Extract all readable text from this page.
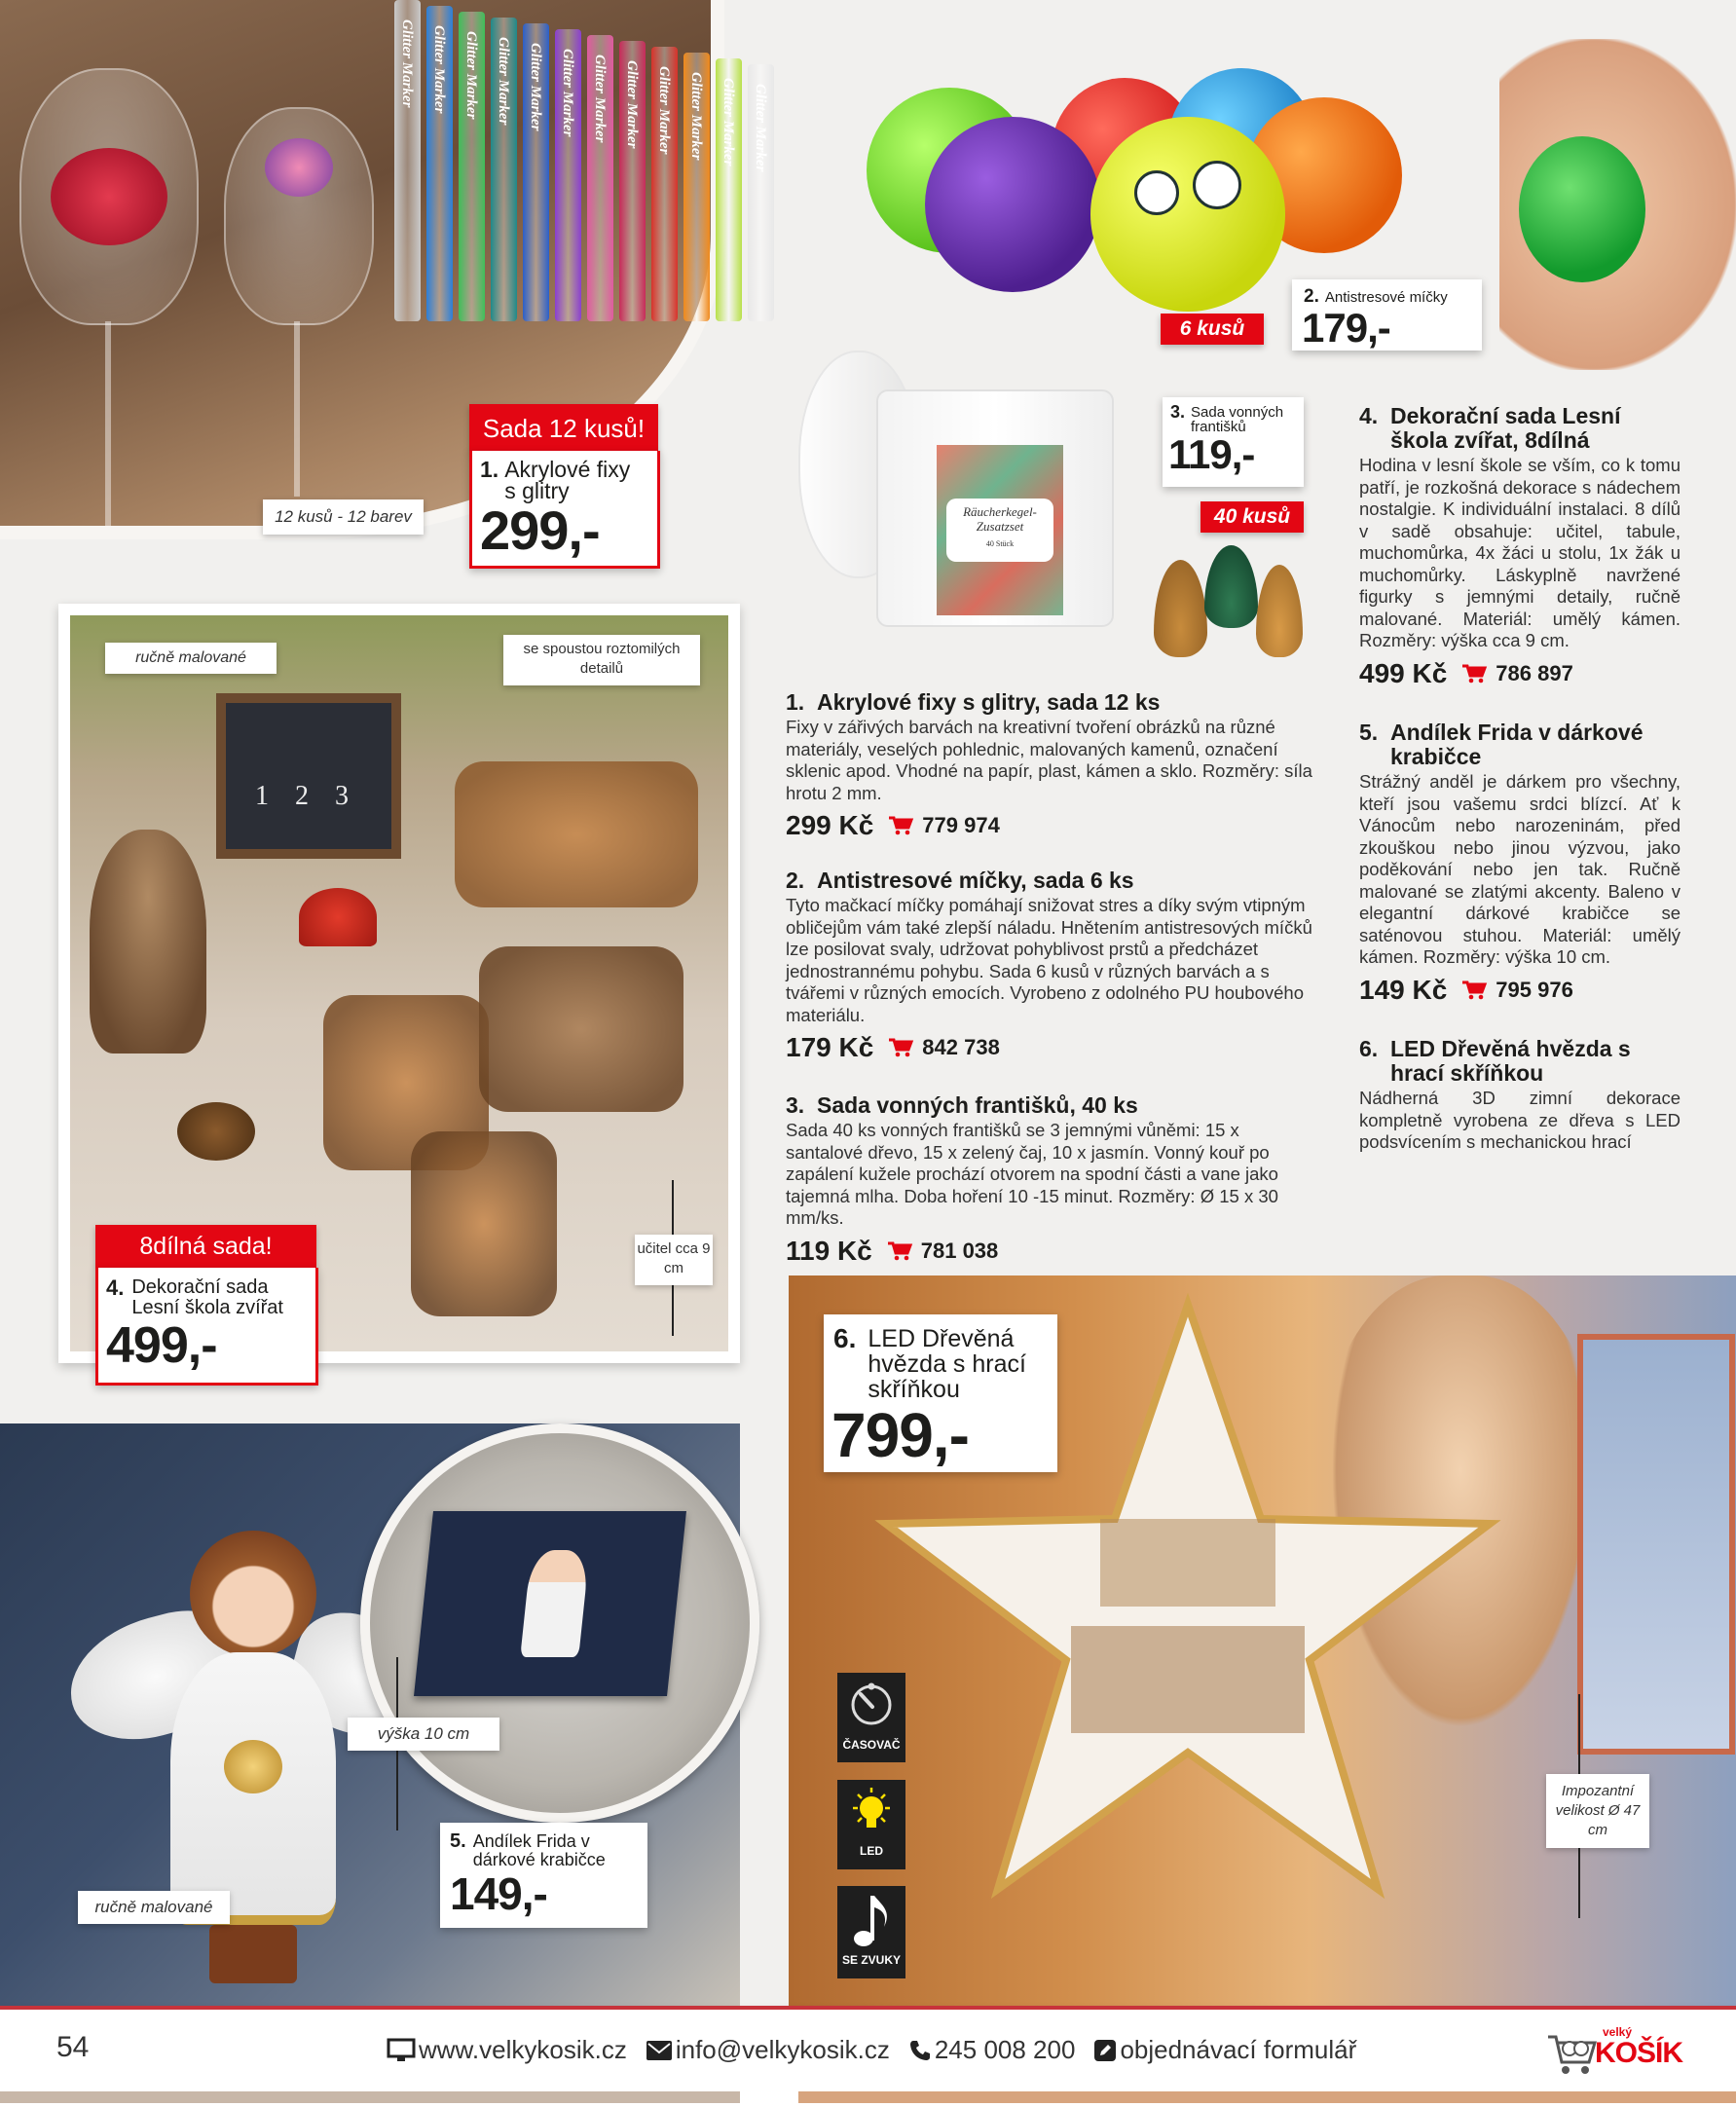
Glitter Marker Glitter Marker Glitter Marker Glitter Marker Glitter Marker Glitter Marker Glitter Marker Glitter Marker Glitter Marker Glitter Marker Glitter Marker Glitter Marker
12 kusů - 12 barev
Sada 12 kusů!
1. Akrylové fixy s glitry
299,-
6 kusů
2. Antistresové míčky
179,-
Räucherkegel-Zusatzset
40 Stück
3. Sada vonných františků
119,-
40 kusů
1 2 3
ručně malované
se spoustou roztomilých detailů
učitel cca 9 cm
8dílná sada!
4. Dekorační sada Lesní škola zvířat
499,-
výška 10 cm
ručně malované
5. Andílek Frida v dárkové krabičce
149,-
6. LED Dřevěná hvězda s hrací skříňkou
799,-
ČASOVAČ
LED
SE ZVUKY
Impozantní velikost Ø 47 cm
1. Akrylové fixy s glitry, sada 12 ks

Fixy v zářivých barvách na kreativní tvoření obrázků na různé materiály, veselých pohlednic, malovaných kamenů, označení sklenic apod. Vhodné na papír, plast, kámen a sklo. Rozměry: síla hrotu 2 mm.

299 Kč 779 974
2. Antistresové míčky, sada 6 ks

Tyto mačkací míčky pomáhají snižovat stres a díky svým vtipným obličejům vám také zlepší náladu. Hnětením antistresových míčků lze posilovat svaly, udržovat pohyblivost prstů a předcházet jednostrannému pohybu. Sada 6 kusů v různých barvách a s tvářemi v různých emocích. Vyrobeno z odolného PU houbového materiálu.

179 Kč 842 738
3. Sada vonných františků, 40 ks

Sada 40 ks vonných františků se 3 jemnými vůněmi: 15 x santalové dřevo, 15 x zelený čaj, 10 x jasmín. Vonný kouř po zapálení kužele prochází otvorem na spodní části a vane jako tajemná mlha. Doba hoření 10 -15 minut. Rozměry: Ø 15 x 30 mm/ks.

119 Kč 781 038
4. Dekorační sada Lesní škola zvířat, 8dílná

Hodina v lesní škole se vším, co k tomu patří, je rozkošná dekorace s nádechem nostalgie. K individuální instalaci. 8 dílů v sadě obsahuje: učitel, tabule, muchomůrka, 4x žáci u stolu, 1x žák u muchomůrky. Láskyplně navržené figurky s jemnými detaily, ručně malované. Materiál: umělý kámen. Rozměry: výška cca 9 cm.

499 Kč 786 897
5. Andílek Frida v dárkové krabičce

Strážný anděl je dárkem pro všechny, kteří jsou vašemu srdci blízcí. Ať k Vánocům nebo narozeninám, před zkouškou nebo jinou výzvou, jako poděkování nebo jen tak. Ručně malované se zlatými akcenty. Baleno v elegantní dárkové krabičce se saténovou stuhou. Materiál: umělý kámen. Rozměry: výška 10 cm.

149 Kč 795 976
6. LED Dřevěná hvězda s hrací skříňkou

Nádherná 3D zimní dekorace kompletně vyrobena ze dřeva s LED podsvícením s mechanickou hrací

54	www.velkykosik.cz info@velkykosik.cz 245 008 200 objednávací formulář
velký
KOŠÍK
